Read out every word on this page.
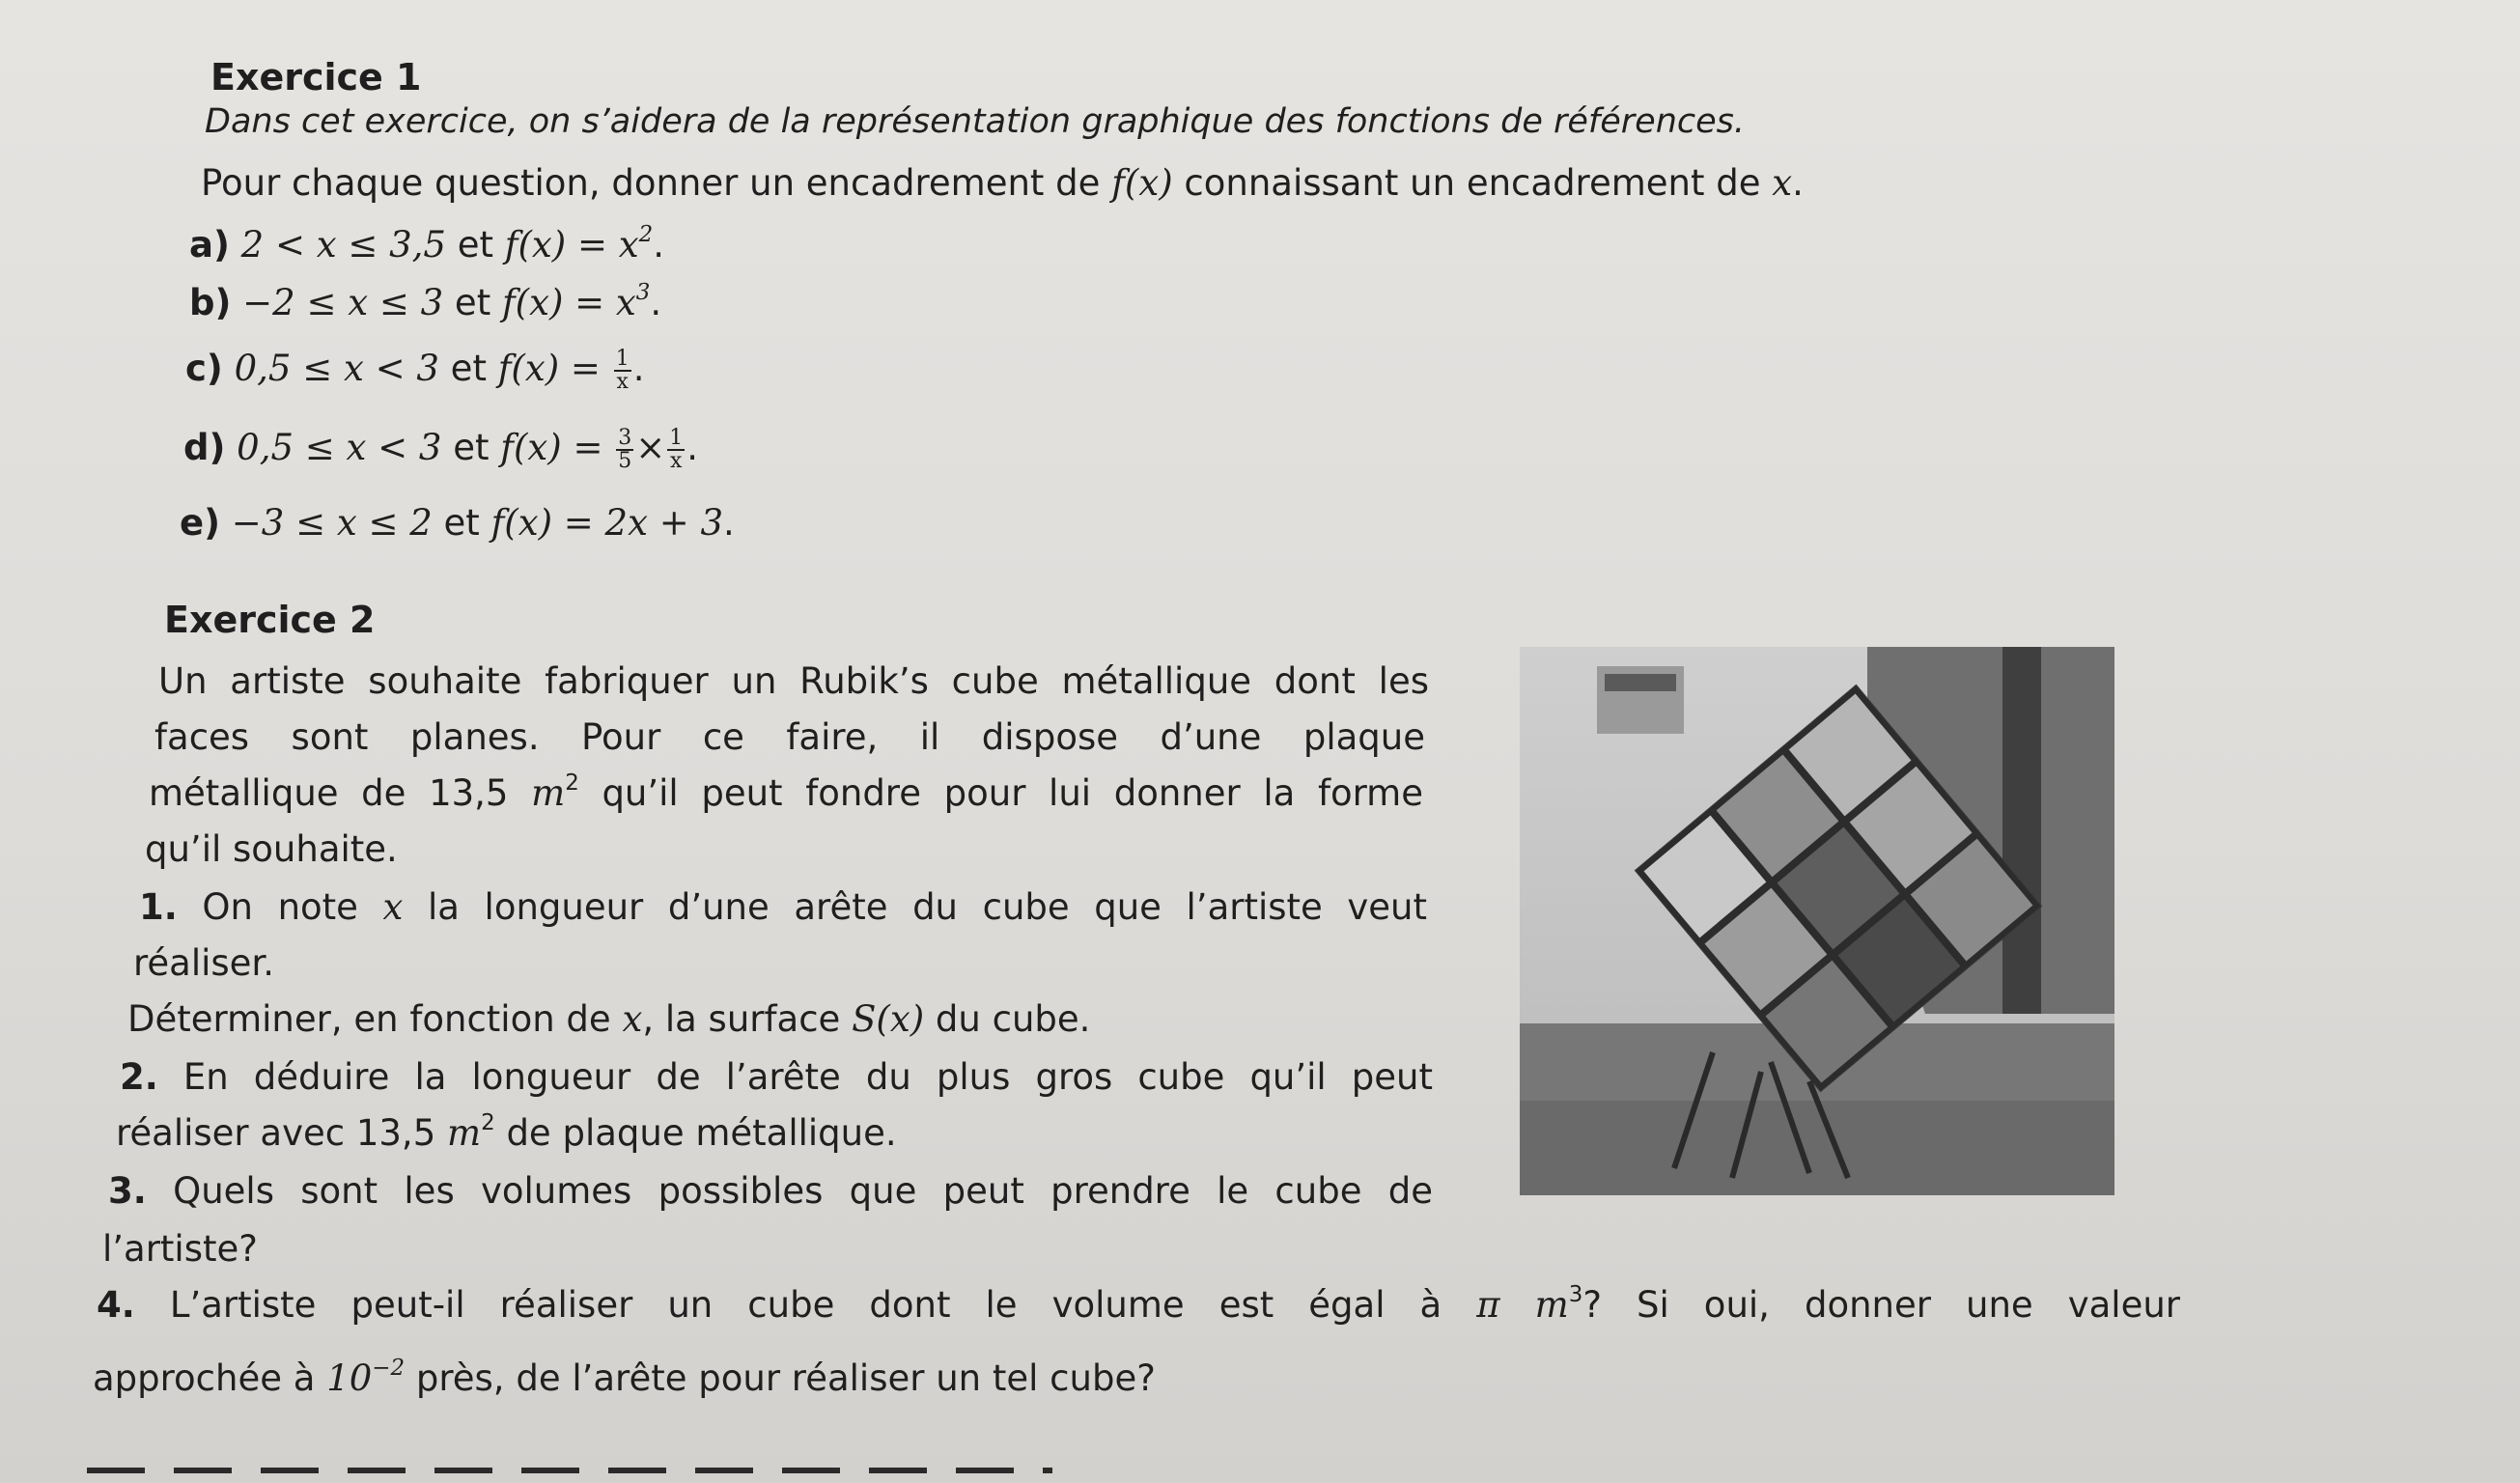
Exercice 1
Dans cet exercice, on s’aidera de la représentation graphique des fonctions de références.
Pour chaque question, donner un encadrement de f(x) connaissant un encadrement de x.
a) 2 < x ≤ 3,5 et $f(x) = x^2$.
b) −2 ≤ x ≤ 3 et $f(x) = x^3$.
c) 0,5 ≤ x < 3 et $f(x) = \frac{1}{x}$ .
d) 0,5 ≤ x < 3 et $f(x) = \frac{3}{5} \times \frac{1}{x}$ .
e) −3 ≤ x ≤ 2 et f(x) = 2x + 3.
Exercice 2
Un artiste souhaite fabriquer un Rubik’s cube métallique dont les
faces sont planes. Pour ce faire, il dispose d’une plaque
métallique de 13,5 $m^2$ qu’il peut fondre pour lui donner la forme
qu’il souhaite.
1. On note x la longueur d’une arête du cube que l’artiste veut
réaliser.
Déterminer, en fonction de x, la surface S(x) du cube.
2. En déduire la longueur de l’arête du plus gros cube qu’il peut
réaliser avec 13,5 $m^2$ de plaque métallique.
3. Quels sont les volumes possibles que peut prendre le cube de
l’artiste?
4. L’artiste peut-il réaliser un cube dont le volume est égal à π $m^3$? Si oui, donner une valeur
approchée à $10^{-2}$ près, de l’arête pour réaliser un tel cube?
